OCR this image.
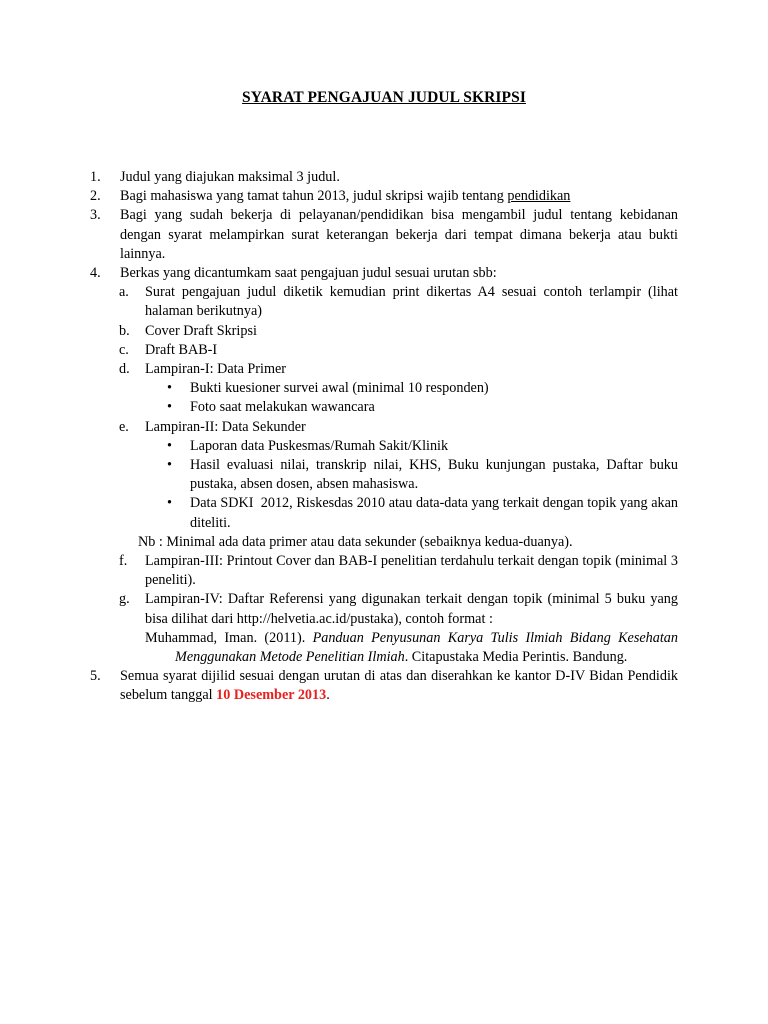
SYARAT PENGAJUAN JUDUL SKRIPSI
1. Judul yang diajukan maksimal 3 judul.
2. Bagi mahasiswa yang tamat tahun 2013, judul skripsi wajib tentang pendidikan
3. Bagi yang sudah bekerja di pelayanan/pendidikan bisa mengambil judul tentang kebidanan dengan syarat melampirkan surat keterangan bekerja dari tempat dimana bekerja atau bukti lainnya.
4. Berkas yang dicantumkam saat pengajuan judul sesuai urutan sbb:
a. Surat pengajuan judul diketik kemudian print dikertas A4 sesuai contoh terlampir (lihat halaman berikutnya)
b. Cover Draft Skripsi
c. Draft BAB-I
d. Lampiran-I: Data Primer
• Bukti kuesioner survei awal (minimal 10 responden)
• Foto saat melakukan wawancara
e. Lampiran-II: Data Sekunder
• Laporan data Puskesmas/Rumah Sakit/Klinik
• Hasil evaluasi nilai, transkrip nilai, KHS, Buku kunjungan pustaka, Daftar buku pustaka, absen dosen, absen mahasiswa.
• Data SDKI  2012, Riskesdas 2010 atau data-data yang terkait dengan topik yang akan diteliti.
Nb : Minimal ada data primer atau data sekunder (sebaiknya kedua-duanya).
f. Lampiran-III: Printout Cover dan BAB-I penelitian terdahulu terkait dengan topik (minimal 3 peneliti).
g. Lampiran-IV: Daftar Referensi yang digunakan terkait dengan topik (minimal 5 buku yang bisa dilihat dari http://helvetia.ac.id/pustaka), contoh format :
Muhammad, Iman. (2011). Panduan Penyusunan Karya Tulis Ilmiah Bidang Kesehatan Menggunakan Metode Penelitian Ilmiah. Citapustaka Media Perintis. Bandung.
5. Semua syarat dijilid sesuai dengan urutan di atas dan diserahkan ke kantor D-IV Bidan Pendidik sebelum tanggal 10 Desember 2013.
